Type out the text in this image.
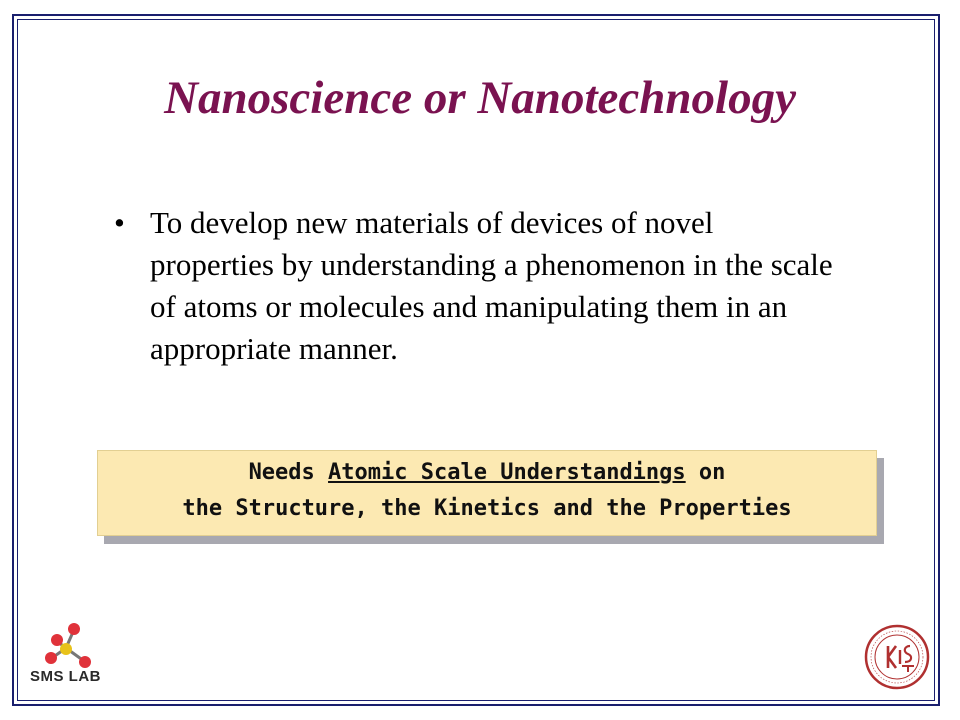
Nanoscience or Nanotechnology
• To develop new materials of devices of novel properties by understanding a phenomenon in the scale of atoms or molecules and manipulating them in an appropriate manner.
Needs Atomic Scale Understandings on
the Structure, the Kinetics and the Properties
SMS LAB
